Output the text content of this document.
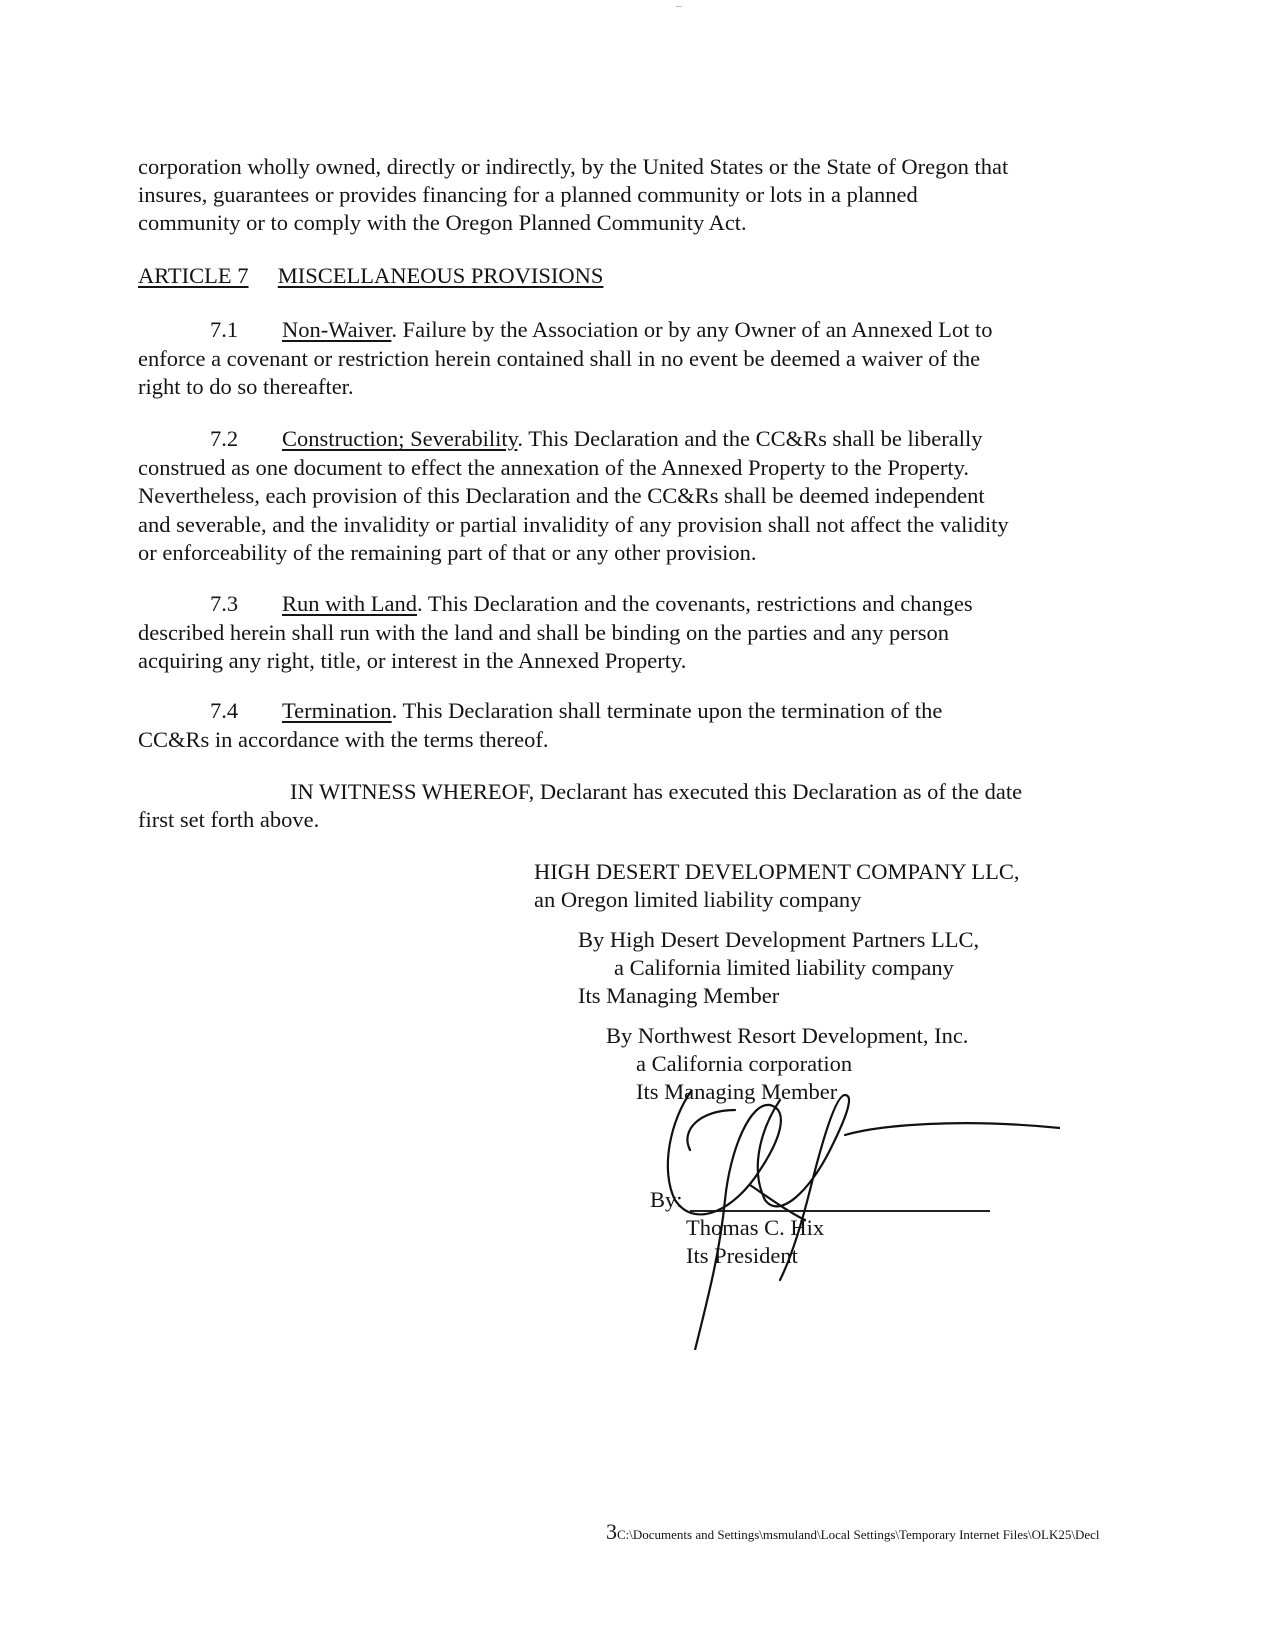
corporation wholly owned, directly or indirectly, by the United States or the State of Oregon that
insures, guarantees or provides financing for a planned community or lots in a planned
community or to comply with the Oregon Planned Community Act.
ARTICLE 7 MISCELLANEOUS PROVISIONS
7.1 Non-Waiver. Failure by the Association or by any Owner of an Annexed Lot to
enforce a covenant or restriction herein contained shall in no event be deemed a waiver of the
right to do so thereafter.
7.2 Construction; Severability. This Declaration and the CC&Rs shall be liberally
construed as one document to effect the annexation of the Annexed Property to the Property.
Nevertheless, each provision of this Declaration and the CC&Rs shall be deemed independent
and severable, and the invalidity or partial invalidity of any provision shall not affect the validity
or enforceability of the remaining part of that or any other provision.
7.3 Run with Land. This Declaration and the covenants, restrictions and changes
described herein shall run with the land and shall be binding on the parties and any person
acquiring any right, title, or interest in the Annexed Property.
7.4 Termination. This Declaration shall terminate upon the termination of the
CC&Rs in accordance with the terms thereof.
IN WITNESS WHEREOF, Declarant has executed this Declaration as of the date
first set forth above.
HIGH DESERT DEVELOPMENT COMPANY LLC,
an Oregon limited liability company
By High Desert Development Partners LLC,
a California limited liability company
Its Managing Member
By Northwest Resort Development, Inc.
a California corporation
Its Managing Member
By:
Thomas C. Hix
Its President
3C:\Documents and Settings\msmuland\Local Settings\Temporary Internet Files\OLK25\Decl
